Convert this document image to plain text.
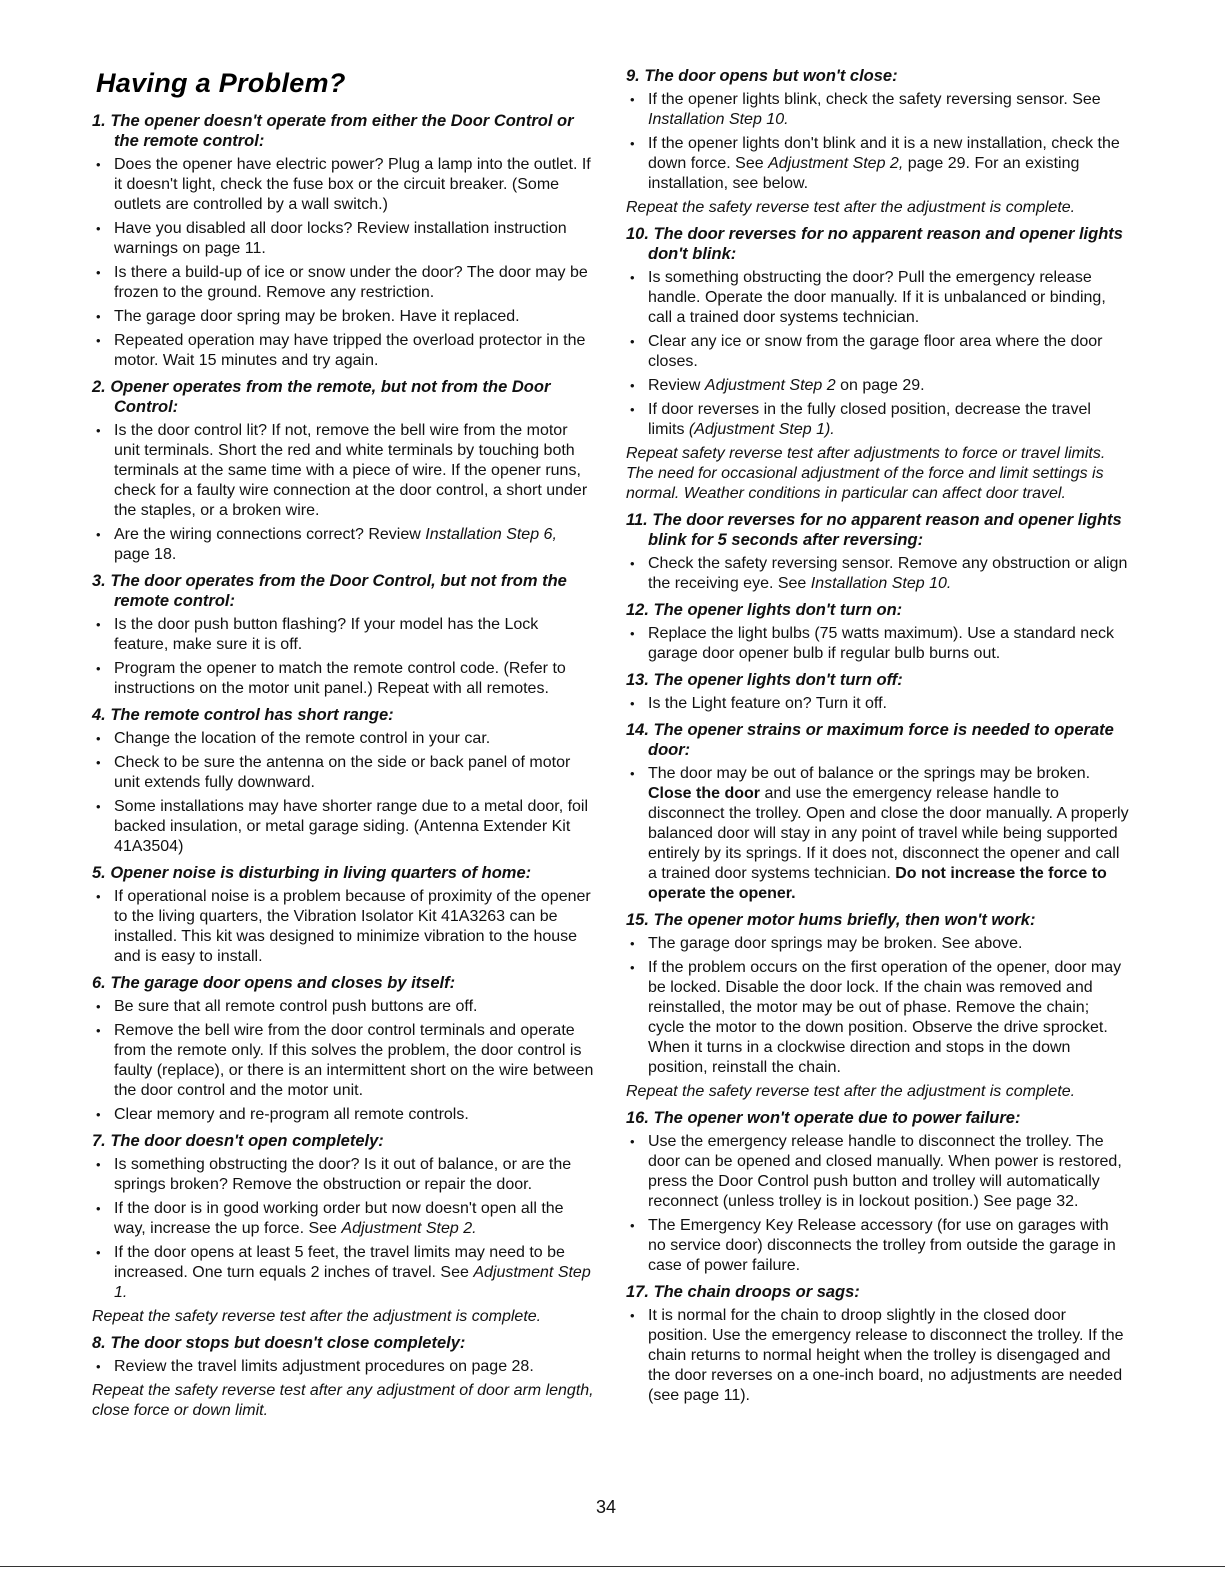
Having a Problem?
1. The opener doesn't operate from either the Door Control or the remote control:
• Does the opener have electric power? Plug a lamp into the outlet. If it doesn't light, check the fuse box or the circuit breaker. (Some outlets are controlled by a wall switch.)
• Have you disabled all door locks? Review installation instruction warnings on page 11.
• Is there a build-up of ice or snow under the door? The door may be frozen to the ground. Remove any restriction.
• The garage door spring may be broken. Have it replaced.
• Repeated operation may have tripped the overload protector in the motor. Wait 15 minutes and try again.
2. Opener operates from the remote, but not from the Door Control:
• Is the door control lit? If not, remove the bell wire from the motor unit terminals. Short the red and white terminals by touching both terminals at the same time with a piece of wire. If the opener runs, check for a faulty wire connection at the door control, a short under the staples, or a broken wire.
• Are the wiring connections correct? Review Installation Step 6, page 18.
3. The door operates from the Door Control, but not from the remote control:
• Is the door push button flashing? If your model has the Lock feature, make sure it is off.
• Program the opener to match the remote control code. (Refer to instructions on the motor unit panel.) Repeat with all remotes.
4. The remote control has short range:
• Change the location of the remote control in your car.
• Check to be sure the antenna on the side or back panel of motor unit extends fully downward.
• Some installations may have shorter range due to a metal door, foil backed insulation, or metal garage siding. (Antenna Extender Kit 41A3504)
5. Opener noise is disturbing in living quarters of home:
• If operational noise is a problem because of proximity of the opener to the living quarters, the Vibration Isolator Kit 41A3263 can be installed. This kit was designed to minimize vibration to the house and is easy to install.
6. The garage door opens and closes by itself:
• Be sure that all remote control push buttons are off.
• Remove the bell wire from the door control terminals and operate from the remote only. If this solves the problem, the door control is faulty (replace), or there is an intermittent short on the wire between the door control and the motor unit.
• Clear memory and re-program all remote controls.
7. The door doesn't open completely:
• Is something obstructing the door? Is it out of balance, or are the springs broken? Remove the obstruction or repair the door.
• If the door is in good working order but now doesn't open all the way, increase the up force. See Adjustment Step 2.
• If the door opens at least 5 feet, the travel limits may need to be increased. One turn equals 2 inches of travel. See Adjustment Step 1.
Repeat the safety reverse test after the adjustment is complete.
8. The door stops but doesn't close completely:
• Review the travel limits adjustment procedures on page 28.
Repeat the safety reverse test after any adjustment of door arm length, close force or down limit.
9. The door opens but won't close:
• If the opener lights blink, check the safety reversing sensor. See Installation Step 10.
• If the opener lights don't blink and it is a new installation, check the down force. See Adjustment Step 2, page 29. For an existing installation, see below.
Repeat the safety reverse test after the adjustment is complete.
10. The door reverses for no apparent reason and opener lights don't blink:
• Is something obstructing the door? Pull the emergency release handle. Operate the door manually. If it is unbalanced or binding, call a trained door systems technician.
• Clear any ice or snow from the garage floor area where the door closes.
• Review Adjustment Step 2 on page 29.
• If door reverses in the fully closed position, decrease the travel limits (Adjustment Step 1).
Repeat safety reverse test after adjustments to force or travel limits. The need for occasional adjustment of the force and limit settings is normal. Weather conditions in particular can affect door travel.
11. The door reverses for no apparent reason and opener lights blink for 5 seconds after reversing:
• Check the safety reversing sensor. Remove any obstruction or align the receiving eye. See Installation Step 10.
12. The opener lights don't turn on:
• Replace the light bulbs (75 watts maximum). Use a standard neck garage door opener bulb if regular bulb burns out.
13. The opener lights don't turn off:
• Is the Light feature on? Turn it off.
14. The opener strains or maximum force is needed to operate door:
• The door may be out of balance or the springs may be broken. Close the door and use the emergency release handle to disconnect the trolley. Open and close the door manually. A properly balanced door will stay in any point of travel while being supported entirely by its springs. If it does not, disconnect the opener and call a trained door systems technician. Do not increase the force to operate the opener.
15. The opener motor hums briefly, then won't work:
• The garage door springs may be broken. See above.
• If the problem occurs on the first operation of the opener, door may be locked. Disable the door lock. If the chain was removed and reinstalled, the motor may be out of phase. Remove the chain; cycle the motor to the down position. Observe the drive sprocket. When it turns in a clockwise direction and stops in the down position, reinstall the chain.
Repeat the safety reverse test after the adjustment is complete.
16. The opener won't operate due to power failure:
• Use the emergency release handle to disconnect the trolley. The door can be opened and closed manually. When power is restored, press the Door Control push button and trolley will automatically reconnect (unless trolley is in lockout position.) See page 32.
• The Emergency Key Release accessory (for use on garages with no service door) disconnects the trolley from outside the garage in case of power failure.
17. The chain droops or sags:
• It is normal for the chain to droop slightly in the closed door position. Use the emergency release to disconnect the trolley. If the chain returns to normal height when the trolley is disengaged and the door reverses on a one-inch board, no adjustments are needed (see page 11).
34
